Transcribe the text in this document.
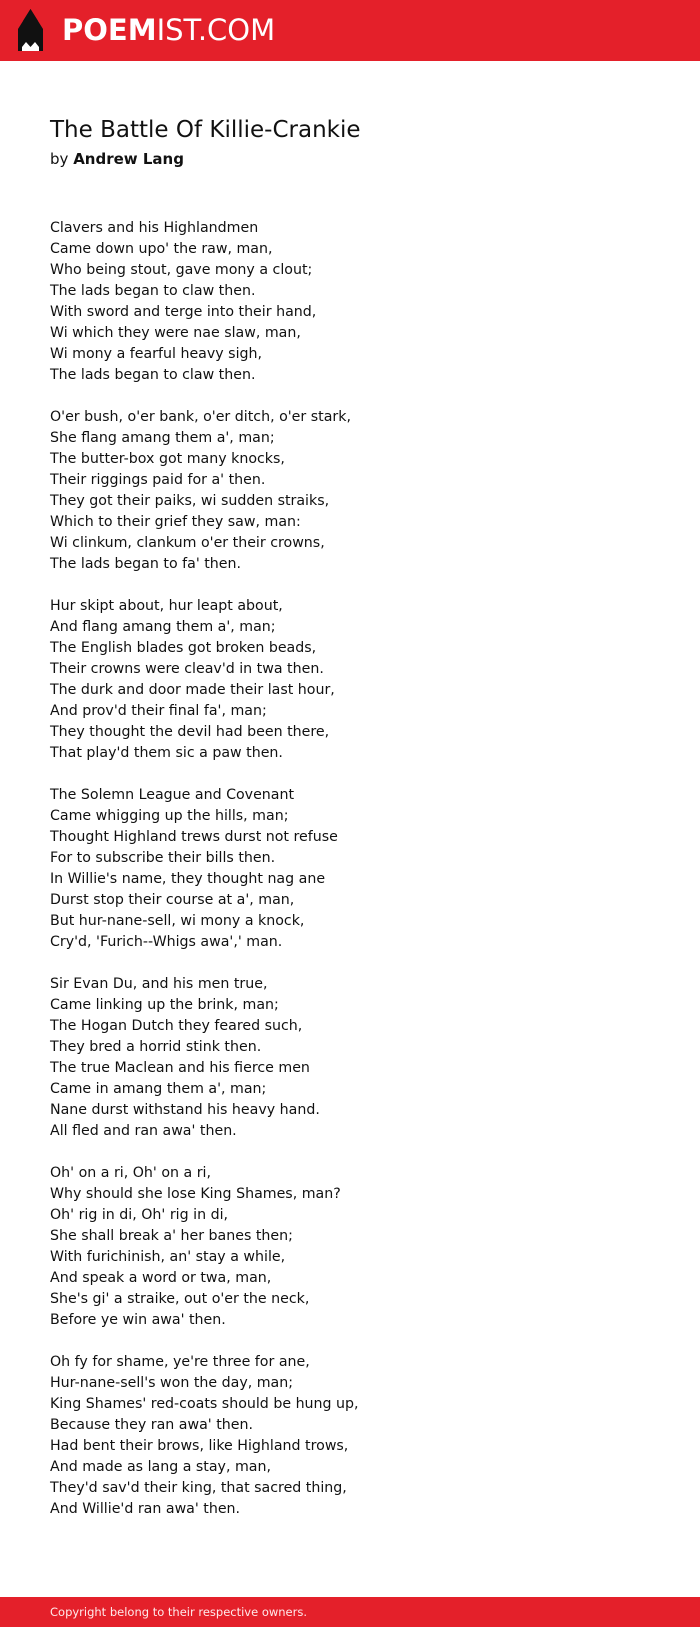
POEMIST.COM
The Battle Of Killie-Crankie
by Andrew Lang
Clavers and his Highlandmen
Came down upo' the raw, man,
Who being stout, gave mony a clout;
The lads began to claw then.
With sword and terge into their hand,
Wi which they were nae slaw, man,
Wi mony a fearful heavy sigh,
The lads began to claw then.
O'er bush, o'er bank, o'er ditch, o'er stark,
She flang amang them a', man;
The butter-box got many knocks,
Their riggings paid for a' then.
They got their paiks, wi sudden straiks,
Which to their grief they saw, man:
Wi clinkum, clankum o'er their crowns,
The lads began to fa' then.
Hur skipt about, hur leapt about,
And flang amang them a', man;
The English blades got broken beads,
Their crowns were cleav'd in twa then.
The durk and door made their last hour,
And prov'd their final fa', man;
They thought the devil had been there,
That play'd them sic a paw then.
The Solemn League and Covenant
Came whigging up the hills, man;
Thought Highland trews durst not refuse
For to subscribe their bills then.
In Willie's name, they thought nag ane
Durst stop their course at a', man,
But hur-nane-sell, wi mony a knock,
Cry'd, 'Furich--Whigs awa',' man.
Sir Evan Du, and his men true,
Came linking up the brink, man;
The Hogan Dutch they feared such,
They bred a horrid stink then.
The true Maclean and his fierce men
Came in amang them a', man;
Nane durst withstand his heavy hand.
All fled and ran awa' then.
Oh' on a ri, Oh' on a ri,
Why should she lose King Shames, man?
Oh' rig in di, Oh' rig in di,
She shall break a' her banes then;
With furichinish, an' stay a while,
And speak a word or twa, man,
She's gi' a straike, out o'er the neck,
Before ye win awa' then.
Oh fy for shame, ye're three for ane,
Hur-nane-sell's won the day, man;
King Shames' red-coats should be hung up,
Because they ran awa' then.
Had bent their brows, like Highland trows,
And made as lang a stay, man,
They'd sav'd their king, that sacred thing,
And Willie'd ran awa' then.
Copyright belong to their respective owners.
